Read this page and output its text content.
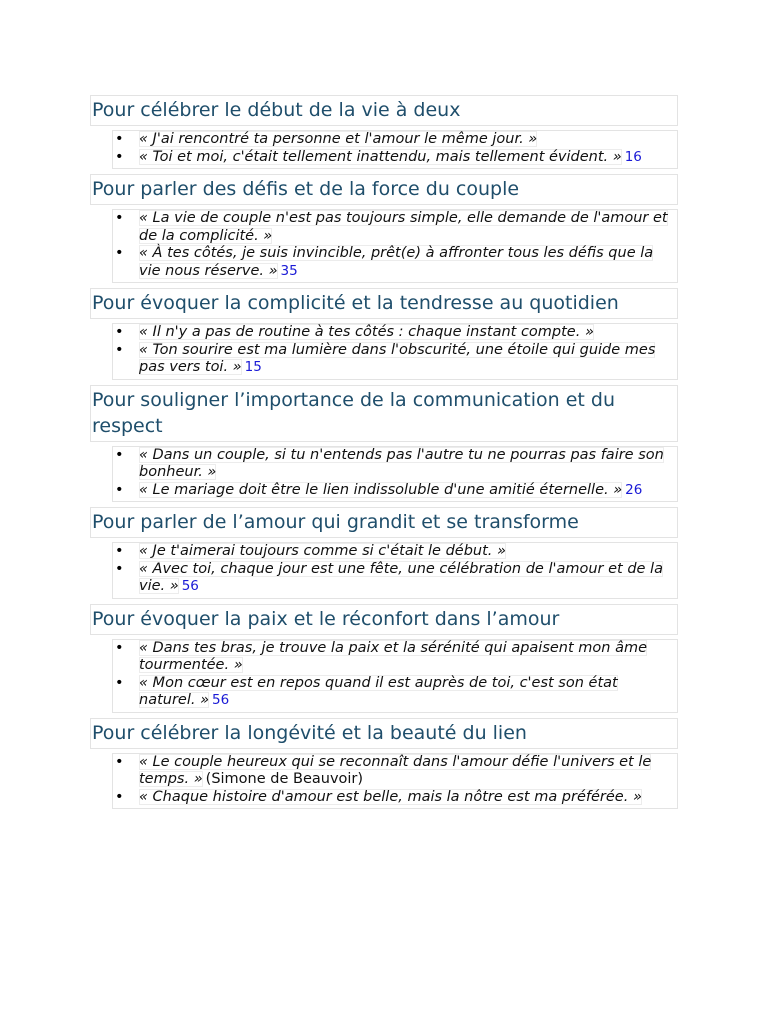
Pour célébrer le début de la vie à deux
• « J'ai rencontré ta personne et l'amour le même jour. »
• « Toi et moi, c'était tellement inattendu, mais tellement évident. » 16
Pour parler des défis et de la force du couple
• « La vie de couple n'est pas toujours simple, elle demande de l'amour et de la complicité. »
• « À tes côtés, je suis invincible, prêt(e) à affronter tous les défis que la vie nous réserve. » 35
Pour évoquer la complicité et la tendresse au quotidien
• « Il n'y a pas de routine à tes côtés : chaque instant compte. »
• « Ton sourire est ma lumière dans l'obscurité, une étoile qui guide mes pas vers toi. » 15
Pour souligner l’importance de la communication et du respect
• « Dans un couple, si tu n'entends pas l'autre tu ne pourras pas faire son bonheur. »
• « Le mariage doit être le lien indissoluble d'une amitié éternelle. » 26
Pour parler de l’amour qui grandit et se transforme
• « Je t'aimerai toujours comme si c'était le début. »
• « Avec toi, chaque jour est une fête, une célébration de l'amour et de la vie. » 56
Pour évoquer la paix et le réconfort dans l’amour
• « Dans tes bras, je trouve la paix et la sérénité qui apaisent mon âme tourmentée. »
• « Mon cœur est en repos quand il est auprès de toi, c'est son état naturel. » 56
Pour célébrer la longévité et la beauté du lien
• « Le couple heureux qui se reconnaît dans l'amour défie l'univers et le temps. » (Simone de Beauvoir)
• « Chaque histoire d'amour est belle, mais la nôtre est ma préférée. »
